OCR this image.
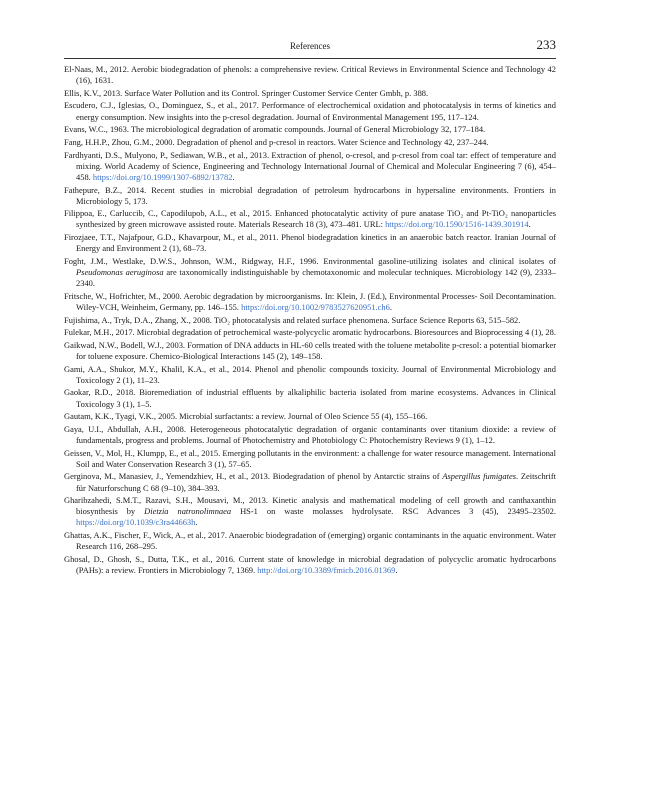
References	233

El-Naas, M., 2012. Aerobic biodegradation of phenols: a comprehensive review. Critical Reviews in Environmental Science and Technology 42 (16), 1631.

Ellis, K.V., 2013. Surface Water Pollution and its Control. Springer Customer Service Center Gmbh, p. 388.

Escudero, C.J., Iglesias, O., Dominguez, S., et al., 2017. Performance of electrochemical oxidation and photocatalysis in terms of kinetics and energy consumption. New insights into the p-cresol degradation. Journal of Environmental Management 195, 117–124.

Evans, W.C., 1963. The microbiological degradation of aromatic compounds. Journal of General Microbiology 32, 177–184.

Fang, H.H.P., Zhou, G.M., 2000. Degradation of phenol and p-cresol in reactors. Water Science and Technology 42, 237–244.

Fardhyanti, D.S., Mulyono, P., Sediawan, W.B., et al., 2013. Extraction of phenol, o-cresol, and p-cresol from coal tar: effect of temperature and mixing. World Academy of Science, Engineering and Technology International Journal of Chemical and Molecular Engineering 7 (6), 454–458. https://doi.org/10.1999/1307-6892/13782.

Fathepure, B.Z., 2014. Recent studies in microbial degradation of petroleum hydrocarbons in hypersaline environments. Frontiers in Microbiology 5, 173.

Filippoa, E., Carluccib, C., Capodilupob, A.L., et al., 2015. Enhanced photocatalytic activity of pure anatase TiO₂ and Pt-TiO₂ nanoparticles synthesized by green microwave assisted route. Materials Research 18 (3), 473–481. URL: https://doi.org/10.1590/1516-1439.301914.

Firozjaee, T.T., Najafpour, G.D., Khavarpour, M., et al., 2011. Phenol biodegradation kinetics in an anaerobic batch reactor. Iranian Journal of Energy and Environment 2 (1), 68–73.

Foght, J.M., Westlake, D.W.S., Johnson, W.M., Ridgway, H.F., 1996. Environmental gasoline-utilizing isolates and clinical isolates of Pseudomonas aeruginosa are taxonomically indistinguishable by chemotaxonomic and molecular techniques. Microbiology 142 (9), 2333–2340.

Fritsche, W., Hofrichter, M., 2000. Aerobic degradation by microorganisms. In: Klein, J. (Ed.), Environmental Processes- Soil Decontamination. Wiley-VCH, Weinheim, Germany, pp. 146–155. https://doi.org/10.1002/9783527620951.ch6.

Fujishima, A., Tryk, D.A., Zhang, X., 2008. TiO₂ photocatalysis and related surface phenomena. Surface Science Reports 63, 515–582.

Fulekar, M.H., 2017. Microbial degradation of petrochemical waste-polycyclic aromatic hydrocarbons. Bioresources and Bioprocessing 4 (1), 28.

Gaikwad, N.W., Bodell, W.J., 2003. Formation of DNA adducts in HL-60 cells treated with the toluene metabolite p-cresol: a potential biomarker for toluene exposure. Chemico-Biological Interactions 145 (2), 149–158.

Gami, A.A., Shukor, M.Y., Khalil, K.A., et al., 2014. Phenol and phenolic compounds toxicity. Journal of Environmental Microbiology and Toxicology 2 (1), 11–23.

Gaokar, R.D., 2018. Bioremediation of industrial effluents by alkaliphilic bacteria isolated from marine ecosystems. Advances in Clinical Toxicology 3 (1), 1–5.

Gautam, K.K., Tyagi, V.K., 2005. Microbial surfactants: a review. Journal of Oleo Science 55 (4), 155–166.

Gaya, U.I., Abdullah, A.H., 2008. Heterogeneous photocatalytic degradation of organic contaminants over titanium dioxide: a review of fundamentals, progress and problems. Journal of Photochemistry and Photobiology C: Photochemistry Reviews 9 (1), 1–12.

Geissen, V., Mol, H., Klumpp, E., et al., 2015. Emerging pollutants in the environment: a challenge for water resource management. International Soil and Water Conservation Research 3 (1), 57–65.

Gerginova, M., Manasiev, J., Yemendzhiev, H., et al., 2013. Biodegradation of phenol by Antarctic strains of Aspergillus fumigates. Zeitschrift für Naturforschung C 68 (9–10), 384–393.

Gharibzahedi, S.M.T., Razavi, S.H., Mousavi, M., 2013. Kinetic analysis and mathematical modeling of cell growth and canthaxanthin biosynthesis by Dietzia natronolimnaea HS-1 on waste molasses hydrolysate. RSC Advances 3 (45), 23495–23502. https://doi.org/10.1039/c3ra44663h.

Ghattas, A.K., Fischer, F., Wick, A., et al., 2017. Anaerobic biodegradation of (emerging) organic contaminants in the aquatic environment. Water Research 116, 268–295.

Ghosal, D., Ghosh, S., Dutta, T.K., et al., 2016. Current state of knowledge in microbial degradation of polycyclic aromatic hydrocarbons (PAHs): a review. Frontiers in Microbiology 7, 1369. http://doi.org/10.3389/fmicb.2016.01369.
